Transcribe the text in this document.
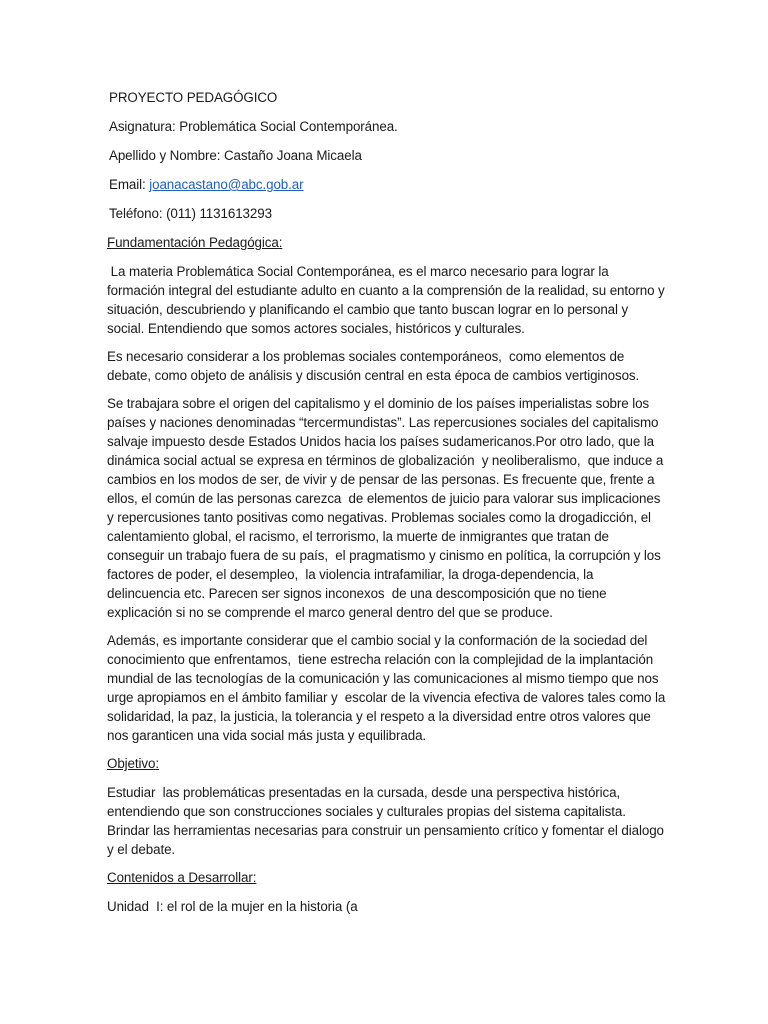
PROYECTO PEDAGÓGICO
Asignatura: Problemática Social Contemporánea.
Apellido y Nombre: Castaño Joana Micaela
Email: joanacastano@abc.gob.ar
Teléfono: (011) 1131613293
Fundamentación Pedagógica:

La materia Problemática Social Contemporánea, es el marco necesario para lograr la formación integral del estudiante adulto en cuanto a la comprensión de la realidad, su entorno y situación, descubriendo y planificando el cambio que tanto buscan lograr en lo personal y social. Entendiendo que somos actores sociales, históricos y culturales.

Es necesario considerar a los problemas sociales contemporáneos,  como elementos de debate, como objeto de análisis y discusión central en esta época de cambios vertiginosos.

Se trabajara sobre el origen del capitalismo y el dominio de los países imperialistas sobre los países y naciones denominadas “tercermundistas”. Las repercusiones sociales del capitalismo salvaje impuesto desde Estados Unidos hacia los países sudamericanos.Por otro lado, que la dinámica social actual se expresa en términos de globalización  y neoliberalismo,  que induce a cambios en los modos de ser, de vivir y de pensar de las personas. Es frecuente que, frente a ellos, el común de las personas carezca  de elementos de juicio para valorar sus implicaciones y repercusiones tanto positivas como negativas. Problemas sociales como la drogadicción, el calentamiento global, el racismo, el terrorismo, la muerte de inmigrantes que tratan de conseguir un trabajo fuera de su país,  el pragmatismo y cinismo en política, la corrupción y los factores de poder, el desempleo,  la violencia intrafamiliar, la droga-dependencia, la delincuencia etc. Parecen ser signos inconexos  de una descomposición que no tiene explicación si no se comprende el marco general dentro del que se produce.

Además, es importante considerar que el cambio social y la conformación de la sociedad del conocimiento que enfrentamos,  tiene estrecha relación con la complejidad de la implantación mundial de las tecnologías de la comunicación y las comunicaciones al mismo tiempo que nos urge apropiamos en el ámbito familiar y  escolar de la vivencia efectiva de valores tales como la solidaridad, la paz, la justicia, la tolerancia y el respeto a la diversidad entre otros valores que nos garanticen una vida social más justa y equilibrada.

Objetivo:

Estudiar  las problemáticas presentadas en la cursada, desde una perspectiva histórica, entendiendo que son construcciones sociales y culturales propias del sistema capitalista. Brindar las herramientas necesarias para construir un pensamiento crítico y fomentar el dialogo y el debate.

Contenidos a Desarrollar:
Unidad  I: el rol de la mujer en la historia (a
